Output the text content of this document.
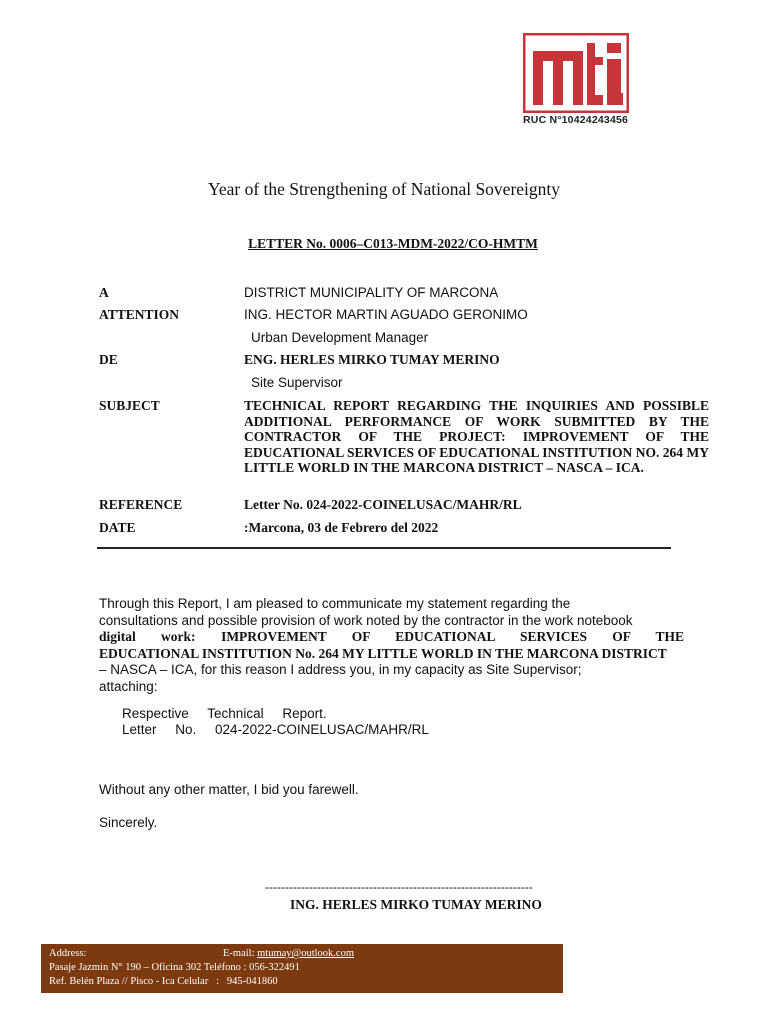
RUC N°10424243456
Year of the Strengthening of National Sovereignty
LETTER No. 0006–C013-MDM-2022/CO-HMTM
A	DISTRICT MUNICIPALITY OF MARCONA
ATTENTION	ING. HECTOR MARTIN AGUADO GERONIMO
Urban Development Manager
DE	ENG. HERLES MIRKO TUMAY MERINO
Site Supervisor
SUBJECT	TECHNICAL REPORT REGARDING THE INQUIRIES AND POSSIBLE ADDITIONAL PERFORMANCE OF WORK SUBMITTED BY THE CONTRACTOR OF THE PROJECT: IMPROVEMENT OF THE EDUCATIONAL SERVICES OF EDUCATIONAL INSTITUTION NO. 264 MY LITTLE WORLD IN THE MARCONA DISTRICT – NASCA – ICA.
REFERENCE	Letter No. 024-2022-COINELUSAC/MAHR/RL
DATE	:Marcona, 03 de Febrero del 2022
Through this Report, I am pleased to communicate my statement regarding the
consultations and possible provision of work noted by the contractor in the work notebook
digital work: IMPROVEMENT OF EDUCATIONAL SERVICES OF THE
EDUCATIONAL INSTITUTION No. 264 MY LITTLE WORLD IN THE MARCONA DISTRICT
– NASCA – ICA, for this reason I address you, in my capacity as Site Supervisor;
attaching:
Respective     Technical     Report.
Letter     No.     024-2022-COINELUSAC/MAHR/RL
Without any other matter, I bid you farewell.
Sincerely.
-------------------------------------------------------------------
ING. HERLES MIRKO TUMAY MERINO
Address:	E-mail: mtumay@outlook.com
Pasaje Jazmin N° 190 – Oficina 302 Teléfono : 056-322491
Ref. Belén Plaza // Pisco - Ica Celular   :   945-041860
